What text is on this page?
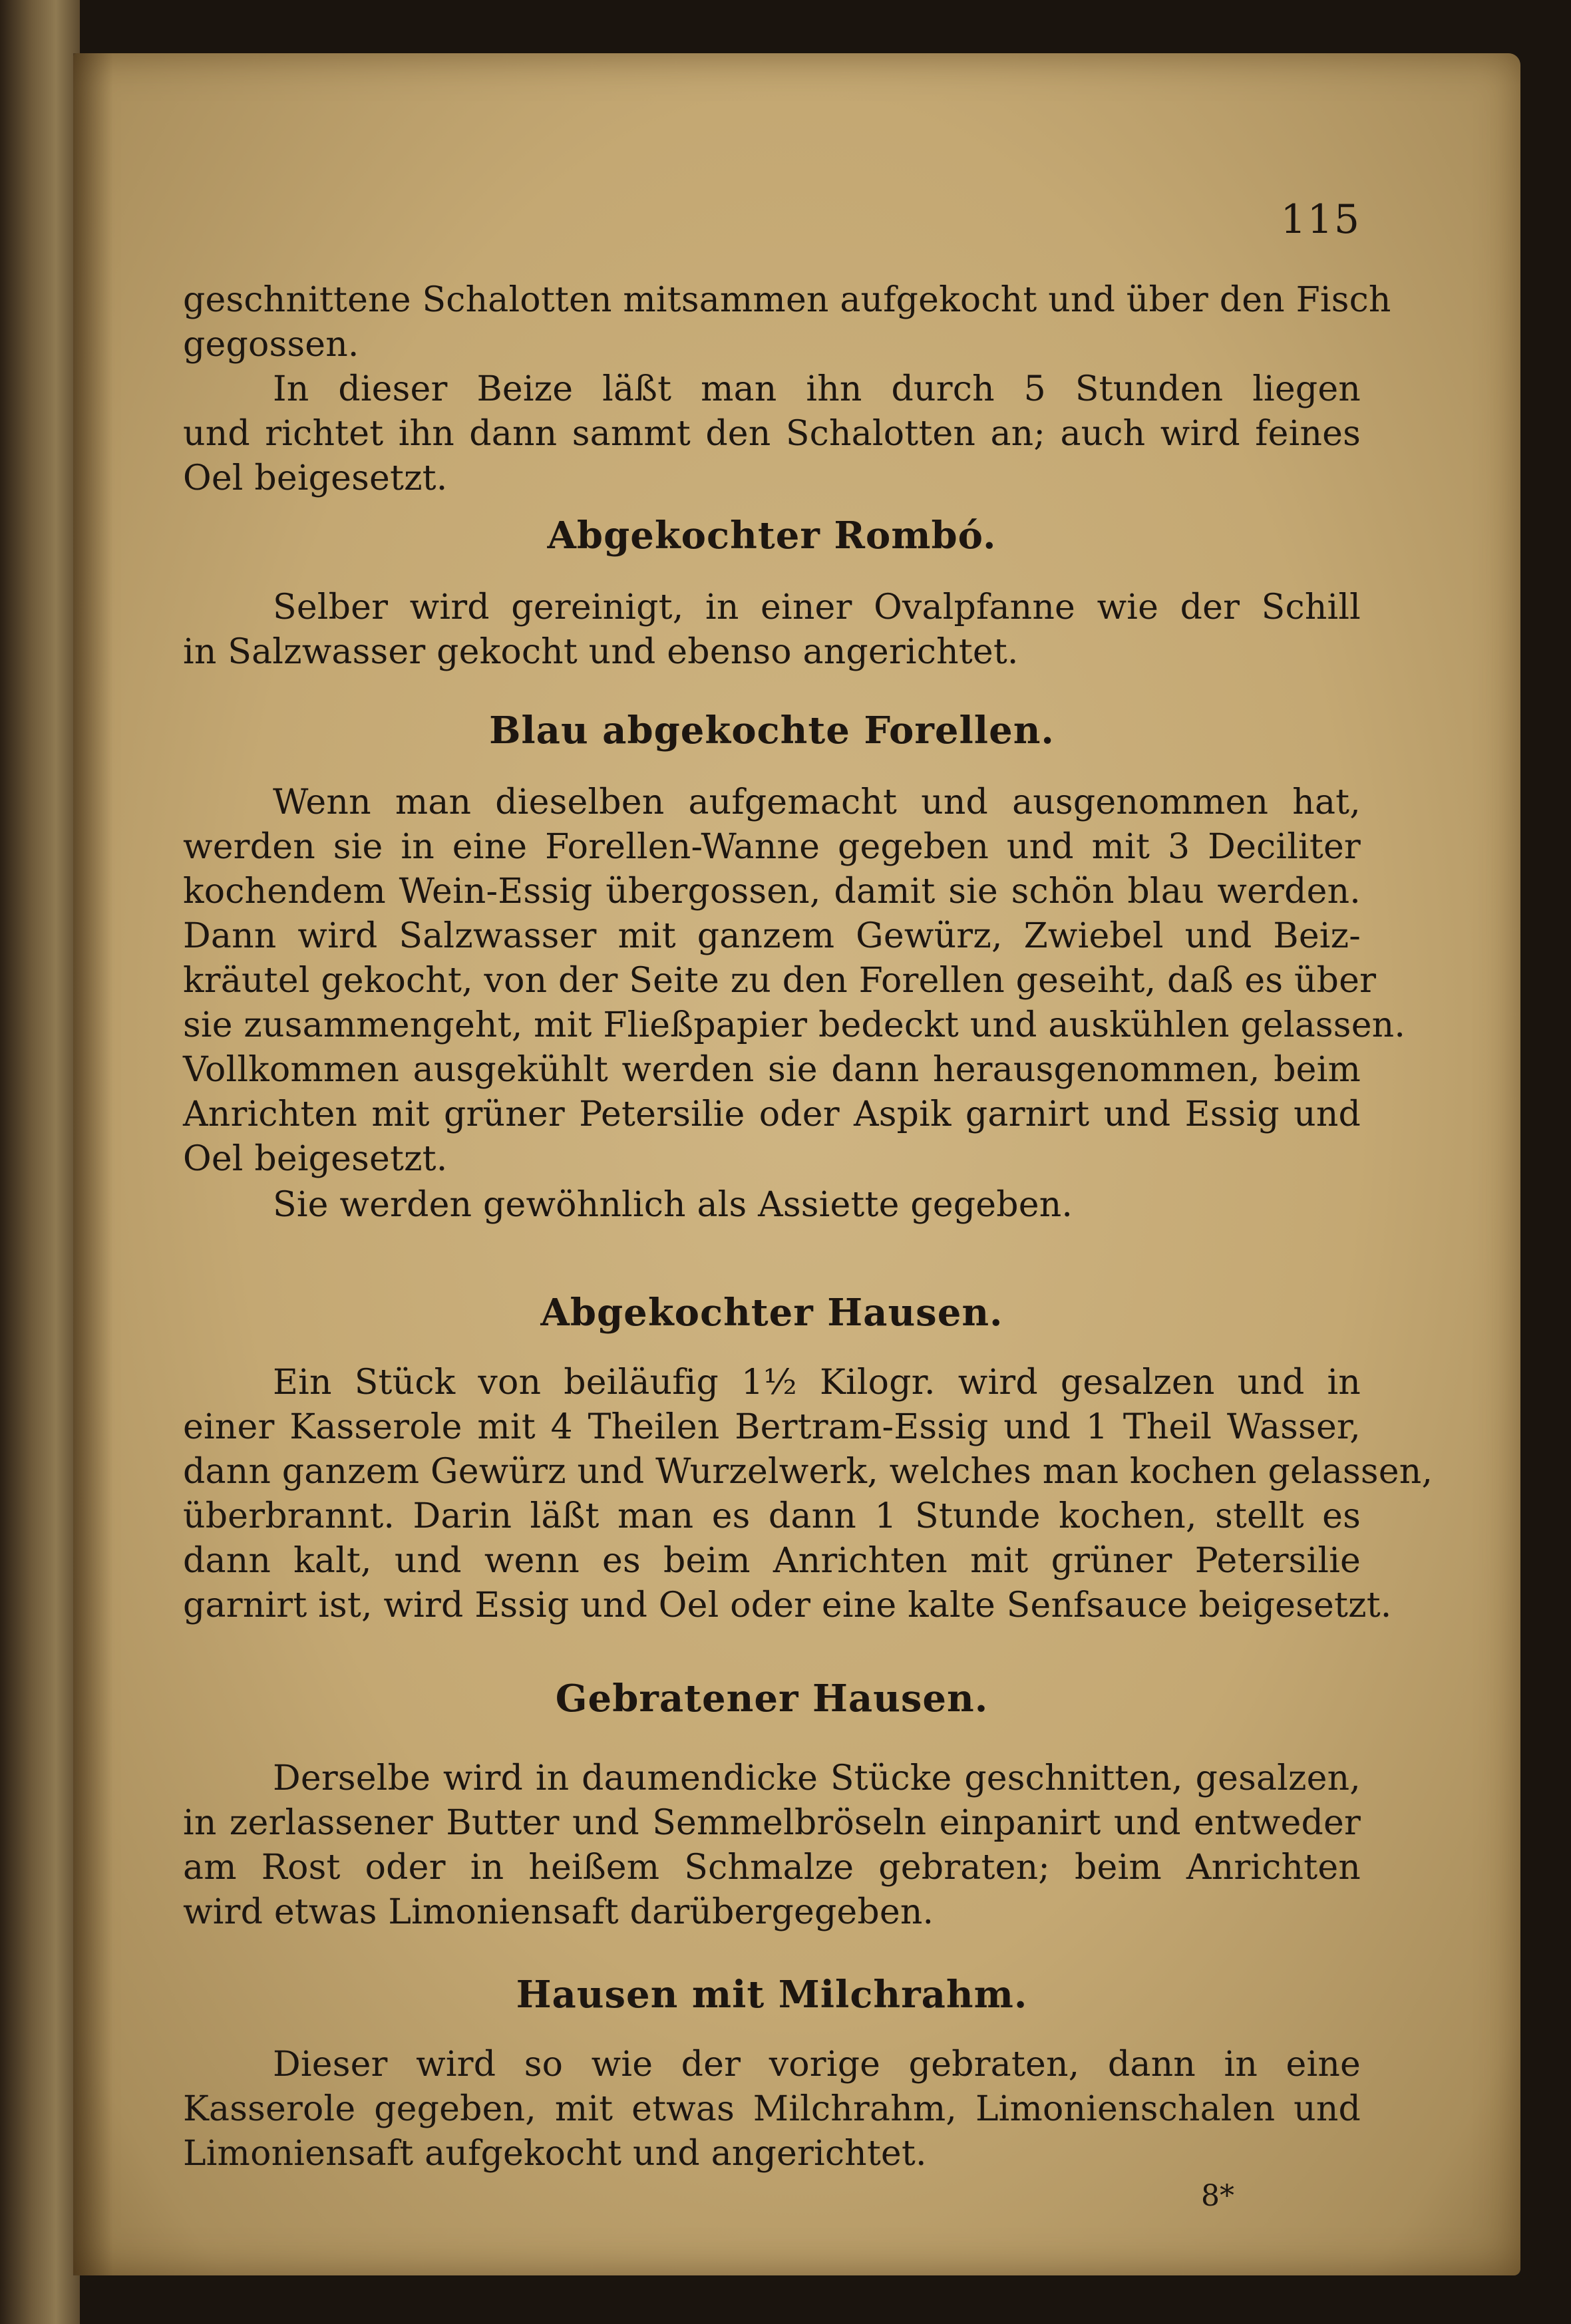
115
geschnittene Schalotten mitsammen aufgekocht und über den Fisch
gegossen.
In dieser Beize läßt man ihn durch 5 Stunden liegen
und richtet ihn dann sammt den Schalotten an; auch wird feines
Oel beigesetzt.
Abgekochter Rombó.
Selber wird gereinigt, in einer Ovalpfanne wie der Schill
in Salzwasser gekocht und ebenso angerichtet.
Blau abgekochte Forellen.
Wenn man dieselben aufgemacht und ausgenommen hat,
werden sie in eine Forellen-Wanne gegeben und mit 3 Deciliter
kochendem Wein-Essig übergossen, damit sie schön blau werden.
Dann wird Salzwasser mit ganzem Gewürz, Zwiebel und Beiz-
kräutel gekocht, von der Seite zu den Forellen geseiht, daß es über
sie zusammengeht, mit Fließpapier bedeckt und auskühlen gelassen.
Vollkommen ausgekühlt werden sie dann herausgenommen, beim
Anrichten mit grüner Petersilie oder Aspik garnirt und Essig und
Oel beigesetzt.
Sie werden gewöhnlich als Assiette gegeben.
Abgekochter Hausen.
Ein Stück von beiläufig 1½ Kilogr. wird gesalzen und in
einer Kasserole mit 4 Theilen Bertram-Essig und 1 Theil Wasser,
dann ganzem Gewürz und Wurzelwerk, welches man kochen gelassen,
überbrannt. Darin läßt man es dann 1 Stunde kochen, stellt es
dann kalt, und wenn es beim Anrichten mit grüner Petersilie
garnirt ist, wird Essig und Oel oder eine kalte Senfsauce beigesetzt.
Gebratener Hausen.
Derselbe wird in daumendicke Stücke geschnitten, gesalzen,
in zerlassener Butter und Semmelbröseln einpanirt und entweder
am Rost oder in heißem Schmalze gebraten; beim Anrichten
wird etwas Limoniensaft darübergegeben.
Hausen mit Milchrahm.
Dieser wird so wie der vorige gebraten, dann in eine
Kasserole gegeben, mit etwas Milchrahm, Limonienschalen und
Limoniensaft aufgekocht und angerichtet.
8*
